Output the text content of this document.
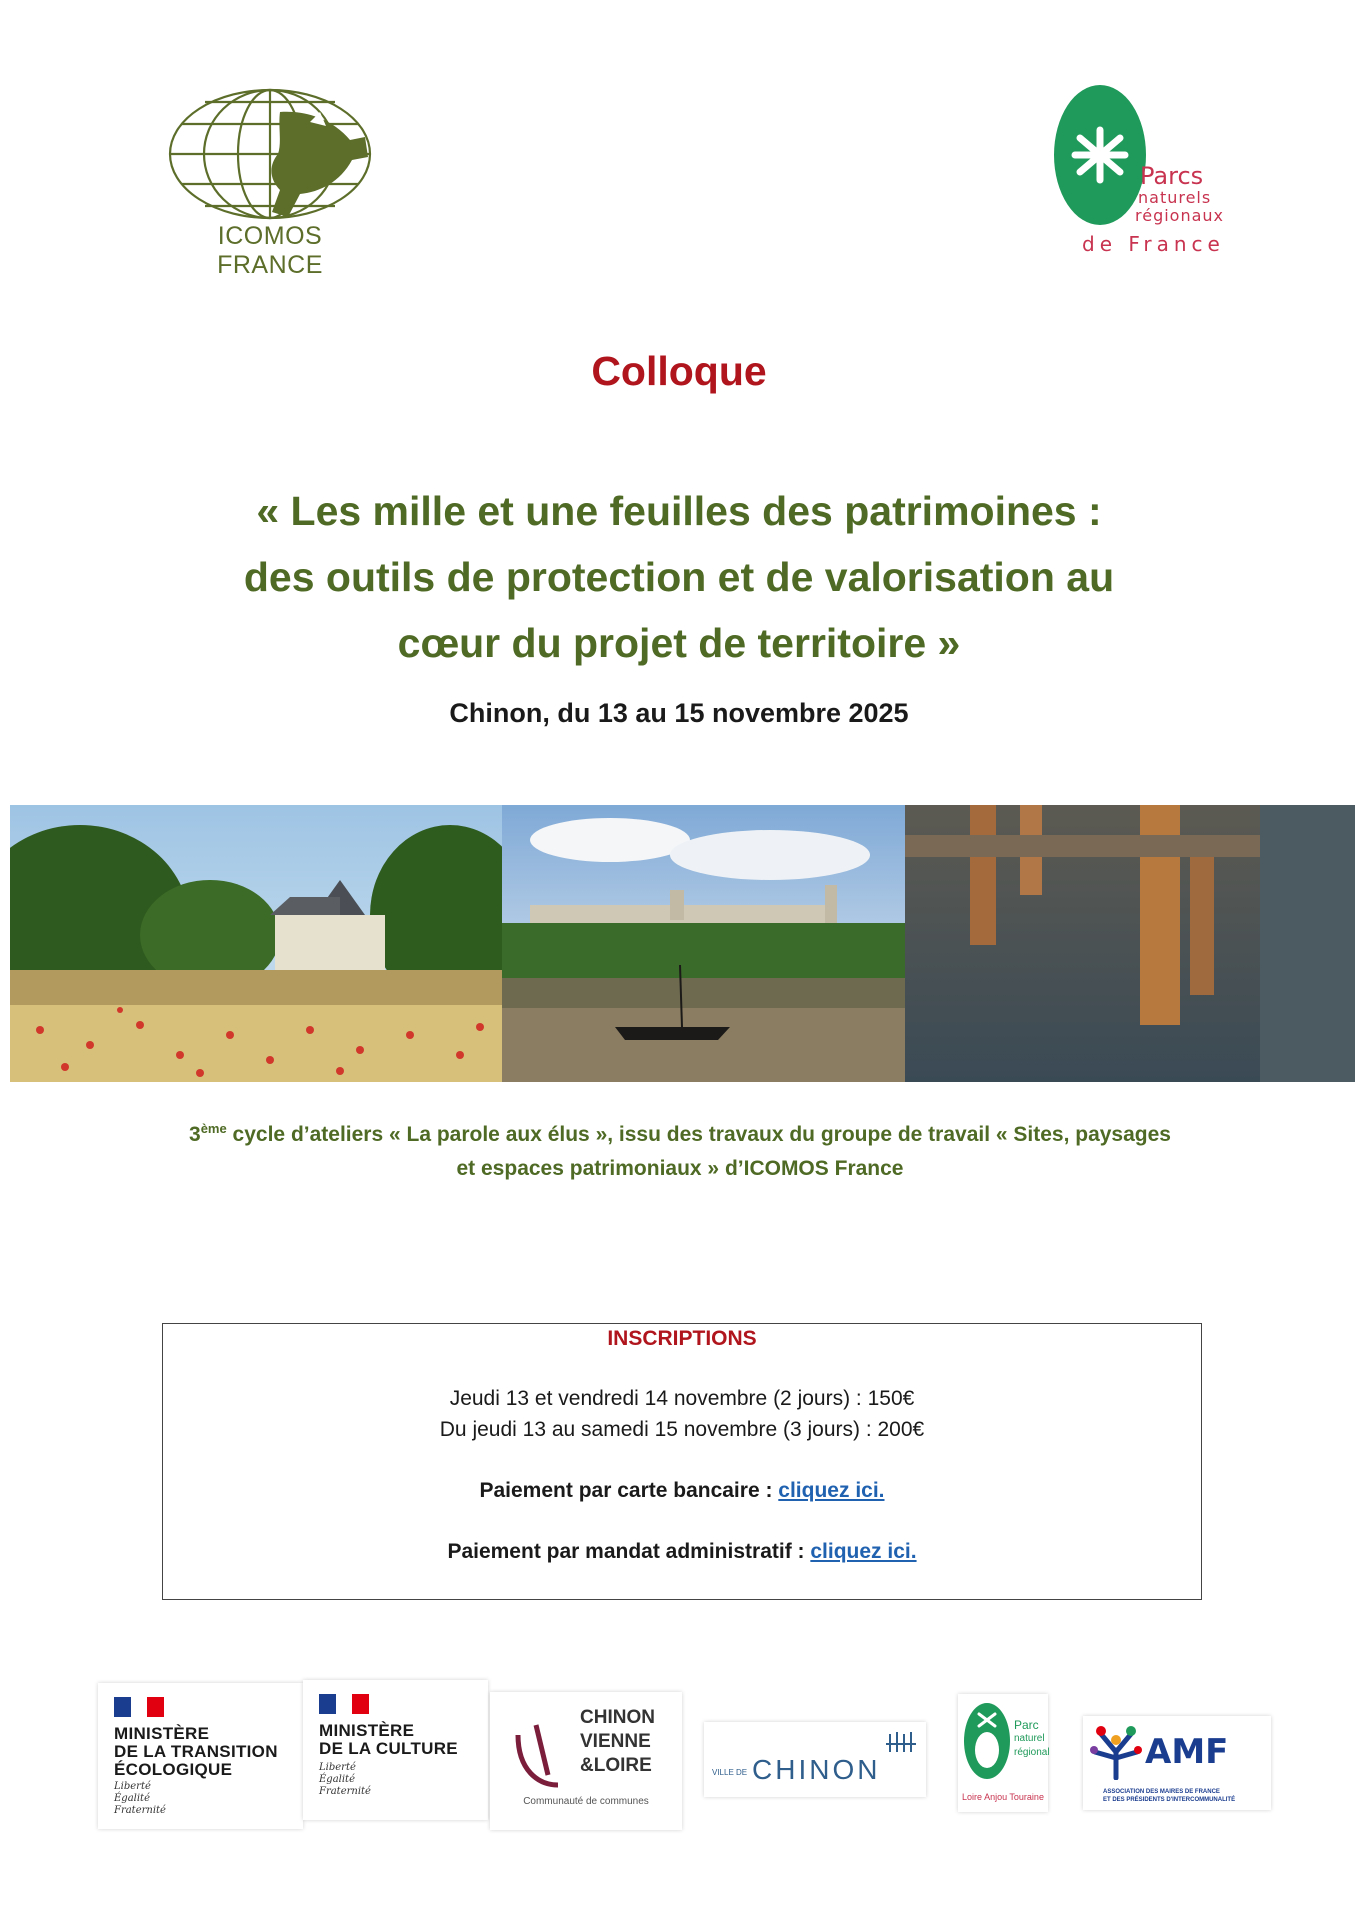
ICOMOS FRANCE
Parcs
naturels
régionaux
de France
Colloque
« Les mille et une feuilles des patrimoines :
des outils de protection et de valorisation au
cœur du projet de territoire »
Chinon, du 13 au 15 novembre 2025
3ème cycle d’ateliers « La parole aux élus », issu des travaux du groupe de travail « Sites, paysages
et espaces patrimoniaux » d’ICOMOS France
INSCRIPTIONS
Jeudi 13 et vendredi 14 novembre (2 jours) : 150€
Du jeudi 13 au samedi 15 novembre (3 jours) : 200€
Paiement par carte bancaire : cliquez ici.
Paiement par mandat administratif : cliquez ici.
MINISTÈRE
DE LA TRANSITION
ÉCOLOGIQUE
Liberté
Égalité
Fraternité
MINISTÈRE
DE LA CULTURE
Liberté
Égalité
Fraternité
CHINON
VIENNE
&LOIRE
Communauté de communes
VILLE DE CHINON
Parc
naturel
régional
Loire Anjou Touraine
AMF
ASSOCIATION DES MAIRES DE FRANCE
ET DES PRÉSIDENTS D'INTERCOMMUNALITÉ
